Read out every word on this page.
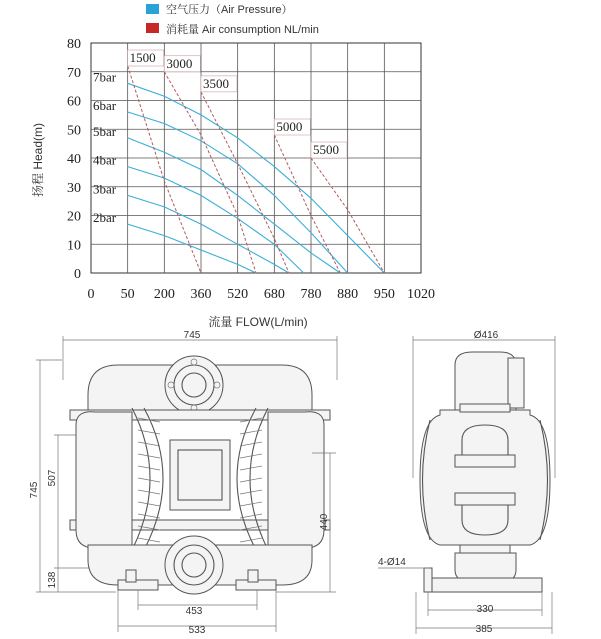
空气压力（Air Pressure）
消耗量 Air consumption NL/min
0
10
20
30
40
50
60
70
80
0 50 200 360 520 680 780 880 950 1020
7bar
6bar
5bar
4bar
3bar
2bar
1500 3000
3500
5000
5500
扬程 Head(m)
流量 FLOW(L/min)
745
745
507
138
440
453
533
Ø416
4-Ø14
330
385
